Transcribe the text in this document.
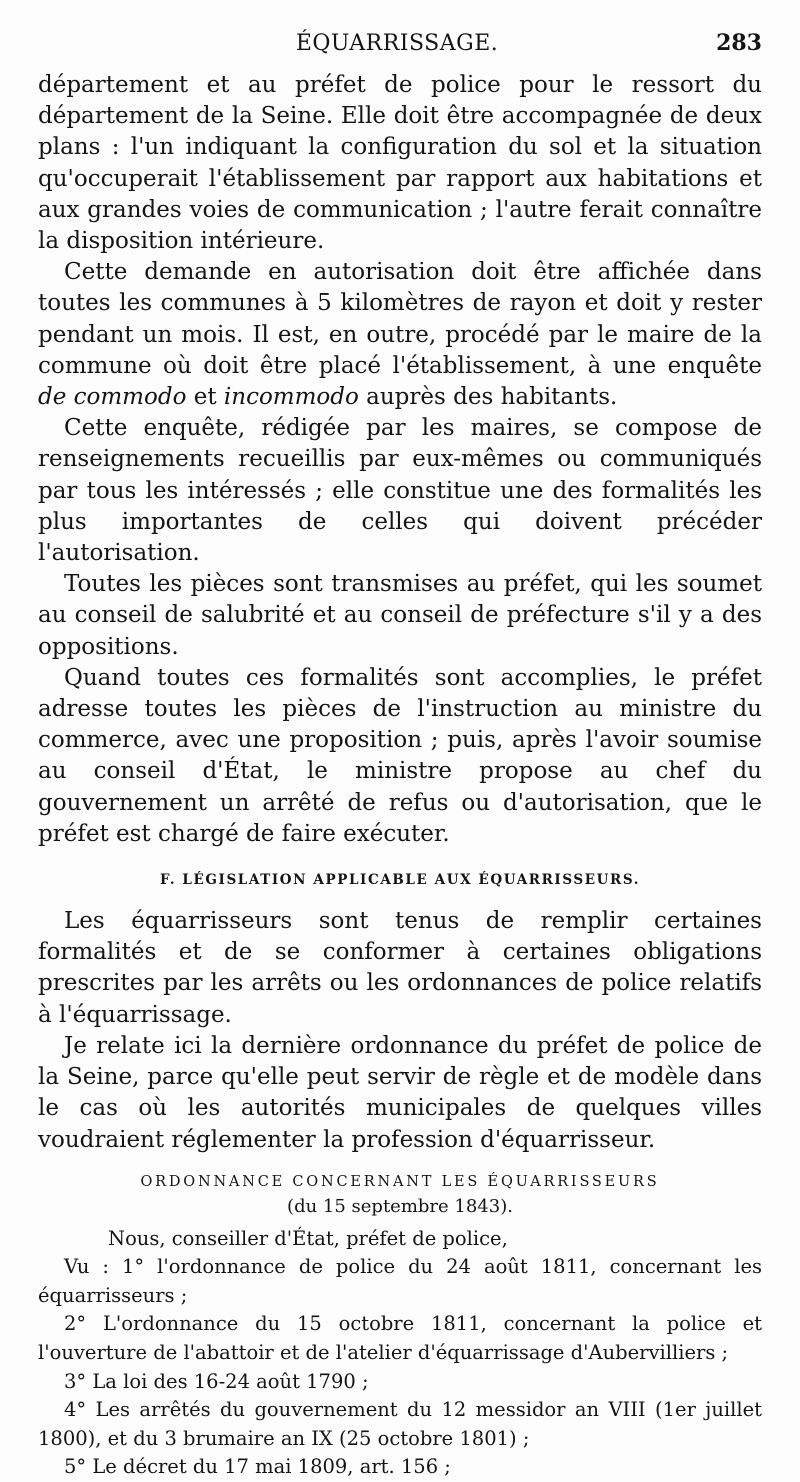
ÉQUARRISSAGE.	283

département et au préfet de police pour le ressort du département de la Seine. Elle doit être accompagnée de deux plans : l'un indiquant la configuration du sol et la situation qu'occuperait l'établissement par rapport aux habitations et aux grandes voies de communication ; l'autre ferait connaître la disposition intérieure.

Cette demande en autorisation doit être affichée dans toutes les communes à 5 kilomètres de rayon et doit y rester pendant un mois. Il est, en outre, procédé par le maire de la commune où doit être placé l'établissement, à une enquête de commodo et incommodo auprès des habitants.

Cette enquête, rédigée par les maires, se compose de renseignements recueillis par eux-mêmes ou communiqués par tous les intéressés ; elle constitue une des formalités les plus importantes de celles qui doivent précéder l'autorisation.

Toutes les pièces sont transmises au préfet, qui les soumet au conseil de salubrité et au conseil de préfecture s'il y a des oppositions.

Quand toutes ces formalités sont accomplies, le préfet adresse toutes les pièces de l'instruction au ministre du commerce, avec une proposition ; puis, après l'avoir soumise au conseil d'État, le ministre propose au chef du gouvernement un arrêté de refus ou d'autorisation, que le préfet est chargé de faire exécuter.

F. LÉGISLATION APPLICABLE AUX ÉQUARRISSEURS.

Les équarrisseurs sont tenus de remplir certaines formalités et de se conformer à certaines obligations prescrites par les arrêts ou les ordonnances de police relatifs à l'équarrissage.

Je relate ici la dernière ordonnance du préfet de police de la Seine, parce qu'elle peut servir de règle et de modèle dans le cas où les autorités municipales de quelques villes voudraient réglementer la profession d'équarrisseur.

ORDONNANCE CONCERNANT LES ÉQUARRISSEURS
(du 15 septembre 1843).

Nous, conseiller d'État, préfet de police,

Vu : 1° l'ordonnance de police du 24 août 1811, concernant les équarrisseurs ;

2° L'ordonnance du 15 octobre 1811, concernant la police et l'ouverture de l'abattoir et de l'atelier d'équarrissage d'Aubervilliers ;

3° La loi des 16-24 août 1790 ;

4° Les arrêtés du gouvernement du 12 messidor an VIII (1er juillet 1800), et du 3 brumaire an IX (25 octobre 1801) ;

5° Le décret du 17 mai 1809, art. 156 ;
